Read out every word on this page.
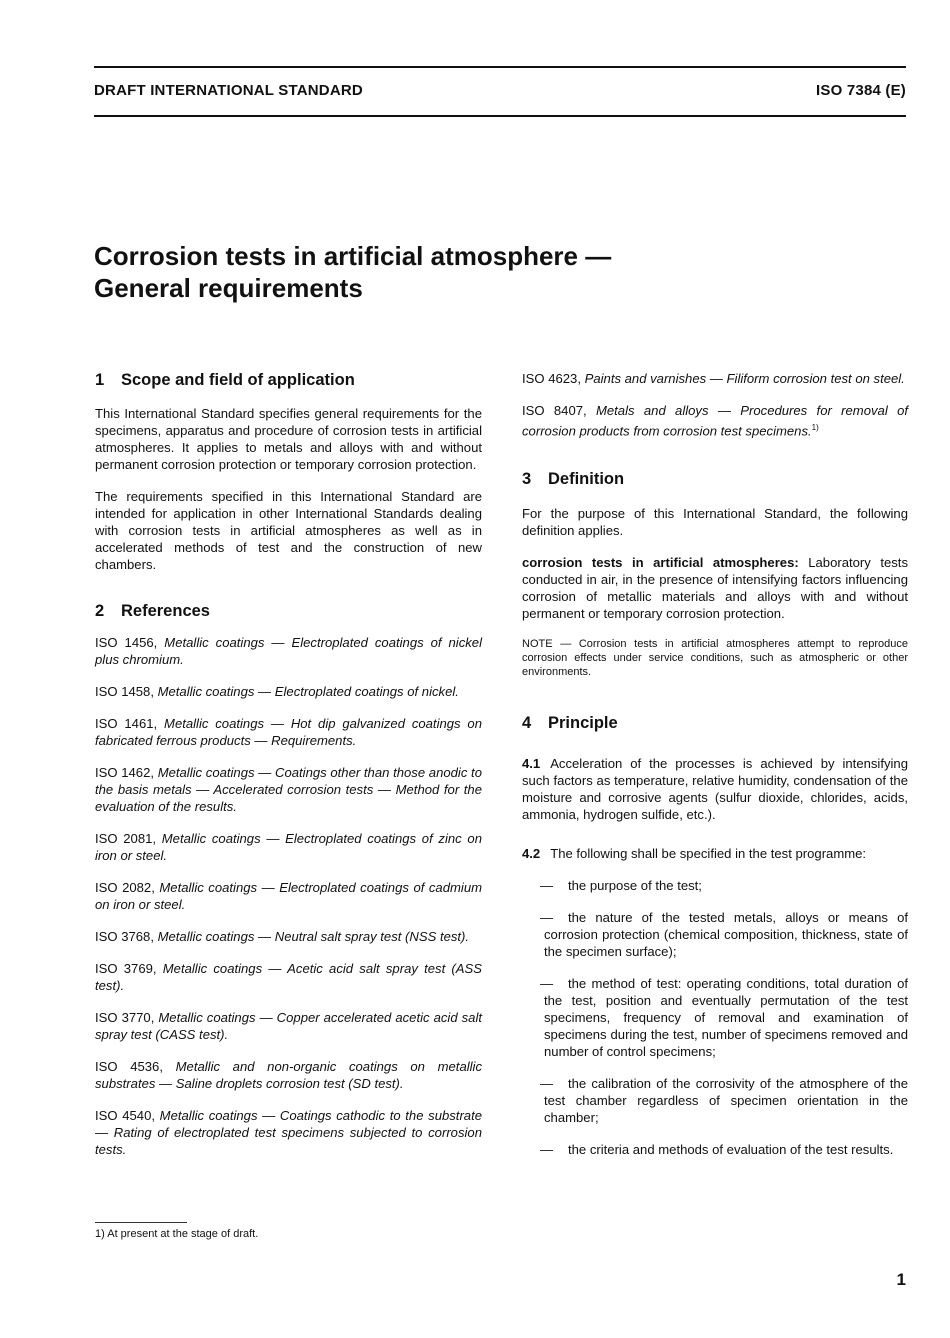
DRAFT INTERNATIONAL STANDARD	ISO 7384 (E)
Corrosion tests in artificial atmosphere —
General requirements
1 Scope and field of application

This International Standard specifies general requirements for the specimens, apparatus and procedure of corrosion tests in artificial atmospheres. It applies to metals and alloys with and without permanent corrosion protection or temporary corrosion protection.

The requirements specified in this International Standard are intended for application in other International Standards dealing with corrosion tests in artificial atmospheres as well as in accelerated methods of test and the construction of new chambers.

2 References

ISO 1456, Metallic coatings — Electroplated coatings of nickel plus chromium.

ISO 1458, Metallic coatings — Electroplated coatings of nickel.

ISO 1461, Metallic coatings — Hot dip galvanized coatings on fabricated ferrous products — Requirements.

ISO 1462, Metallic coatings — Coatings other than those anodic to the basis metals — Accelerated corrosion tests — Method for the evaluation of the results.

ISO 2081, Metallic coatings — Electroplated coatings of zinc on iron or steel.

ISO 2082, Metallic coatings — Electroplated coatings of cadmium on iron or steel.

ISO 3768, Metallic coatings — Neutral salt spray test (NSS test).

ISO 3769, Metallic coatings — Acetic acid salt spray test (ASS test).

ISO 3770, Metallic coatings — Copper accelerated acetic acid salt spray test (CASS test).

ISO 4536, Metallic and non-organic coatings on metallic substrates — Saline droplets corrosion test (SD test).

ISO 4540, Metallic coatings — Coatings cathodic to the substrate — Rating of electroplated test specimens subjected to corrosion tests.

ISO 4623, Paints and varnishes — Filiform corrosion test on steel.

ISO 8407, Metals and alloys — Procedures for removal of corrosion products from corrosion test specimens.$^{1)}$

3 Definition

For the purpose of this International Standard, the following definition applies.

corrosion tests in artificial atmospheres: Laboratory tests conducted in air, in the presence of intensifying factors influencing corrosion of metallic materials and alloys with and without permanent or temporary corrosion protection.

NOTE — Corrosion tests in artificial atmospheres attempt to reproduce corrosion effects under service conditions, such as atmospheric or other environments.

4 Principle

4.1 Acceleration of the processes is achieved by intensifying such factors as temperature, relative humidity, condensation of the moisture and corrosive agents (sulfur dioxide, chlorides, acids, ammonia, hydrogen sulfide, etc.).

4.2 The following shall be specified in the test programme:

— the purpose of the test;

— the nature of the tested metals, alloys or means of corrosion protection (chemical composition, thickness, state of the specimen surface);

— the method of test: operating conditions, total duration of the test, position and eventually permutation of the test specimens, frequency of removal and examination of specimens during the test, number of specimens removed and number of control specimens;

— the calibration of the corrosivity of the atmosphere of the test chamber regardless of specimen orientation in the chamber;

— the criteria and methods of evaluation of the test results.

1) At present at the stage of draft.
1
